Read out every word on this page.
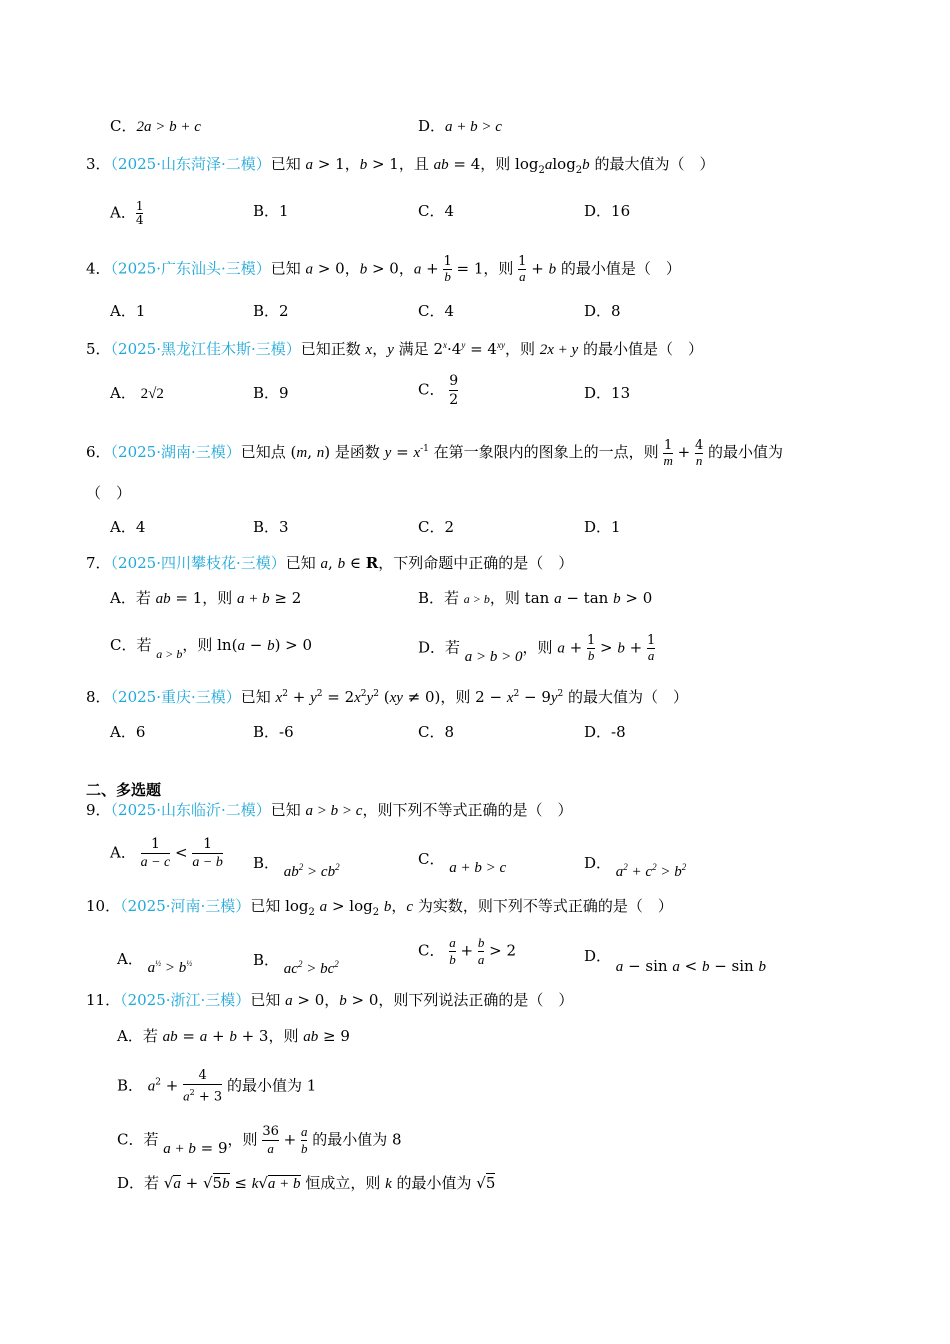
C．2a > b + c	D．a + b > c
3．（2025·山东菏泽·二模）已知 a > 1，b > 1，且 ab = 4，则 $\log_2alog_2b$ 的最大值为（　）
A． $\frac{1}{4}$	B．1	C．4	D．16
4．（2025·广东汕头·三模）已知 a > 0，b > 0，$a + \frac{1}{b} = 1$，则 $\frac{1}{a} + b$ 的最小值是（　）
A．1	B．2	C．4	D．8
5．（2025·黑龙江佳木斯·三模）已知正数 x，y 满足 $2^x\cdot 4^y = 4^{xy}$，则 2x + y 的最小值是（　）
A． 2√2	B．9	C． $\frac{9}{2}$	D．13
6．（2025·湖南·三模）已知点 (m, n) 是函数 $y = x^{-1}$ 在第一象限内的图象上的一点，则 $\frac{1}{m} + \frac{4}{n}$ 的最小值为
（　）
A．4	B．3	C．2	D．1
7．（2025·四川攀枝花·三模）已知 a, b ∈ R，下列命题中正确的是（　）
A．若 ab = 1，则 a + b ≥ 2	B．若 a > b，则 tan a − tan b > 0
C．若 $_{a > b}$，则 ln(a − b) > 0	D．若 a > b > 0，则 $a + \frac{1}{b} > b + \frac{1}{a}$
8．（2025·重庆·三模）已知 $x^2 + y^2 = 2x^2y^2$ (xy ≠ 0)，则 $2 - x^2 - 9y^2$ 的最大值为（　）
A．6	B．-6	C．8	D．-8
二、多选题
9．（2025·山东临沂·二模）已知 a > b > c，则下列不等式正确的是（　）
A． $\frac{1}{a - c} < \frac{1}{a - b}$ B． $ab^2 > cb^2$	C． a + b > c	D． $a^2 + c^2 > b^2$
10．（2025·河南·三模）已知 $\log_2 a > \log_2 b$，c 为实数，则下列不等式正确的是（　）
A． $a^{\frac{1}{2}} > b^{\frac{1}{2}}$	B． $ac^2 > bc^2$
C． $\frac{a}{b} + \frac{b}{a} > 2$	D． a − sin a < b − sin b
11．（2025·浙江·三模）已知 a > 0，b > 0，则下列说法正确的是（　）
A．若 ab = a + b + 3，则 ab ≥ 9
B． $a^2 + \frac{4}{a^2 + 3}$ 的最小值为 1
C．若 a + b = 9，则 $\frac{36}{a} + \frac{a}{b}$ 的最小值为 8
D．若 √a + √5b ≤ k√a + b 恒成立，则 k 的最小值为 √5
